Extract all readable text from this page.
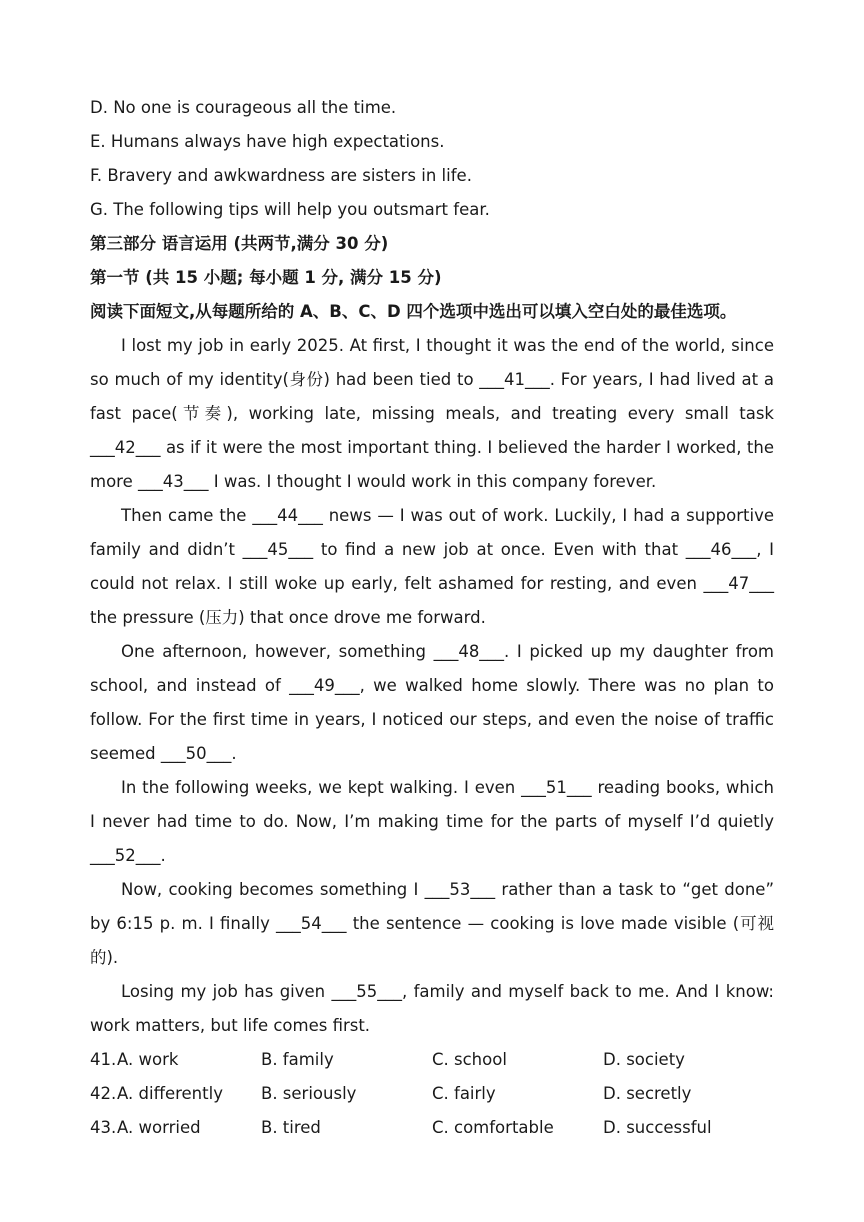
D. No one is courageous all the time.
E. Humans always have high expectations.
F. Bravery and awkwardness are sisters in life.
G. The following tips will help you outsmart fear.
第三部分 语言运用 (共两节,满分 30 分)
第一节 (共 15 小题; 每小题 1 分, 满分 15 分)
阅读下面短文,从每题所给的 A、B、C、D 四个选项中选出可以填入空白处的最佳选项。

I lost my job in early 2025. At first, I thought it was the end of the world, since so much of my identity(身份) had been tied to ___41___. For years, I had lived at a fast pace(节奏), working late, missing meals, and treating every small task ___42___ as if it were the most important thing. I believed the harder I worked, the more ___43___ I was. I thought I would work in this company forever.

Then came the ___44___ news — I was out of work. Luckily, I had a supportive family and didn’t ___45___ to find a new job at once. Even with that ___46___, I could not relax. I still woke up early, felt ashamed for resting, and even ___47___ the pressure (压力) that once drove me forward.

One afternoon, however, something ___48___. I picked up my daughter from school, and instead of ___49___, we walked home slowly. There was no plan to follow. For the first time in years, I noticed our steps, and even the noise of traffic seemed ___50___.

In the following weeks, we kept walking. I even ___51___ reading books, which I never had time to do. Now, I’m making time for the parts of myself I’d quietly ___52___.

Now, cooking becomes something I ___53___ rather than a task to “get done” by 6:15 p. m. I finally ___54___ the sentence — cooking is love made visible (可视的).

Losing my job has given ___55___, family and myself back to me. And I know: work matters, but life comes first.

41. A. work	B. family	C. school	D. society
42. A. differently	B. seriously	C. fairly	D. secretly
43. A. worried	B. tired	C. comfortable	D. successful
